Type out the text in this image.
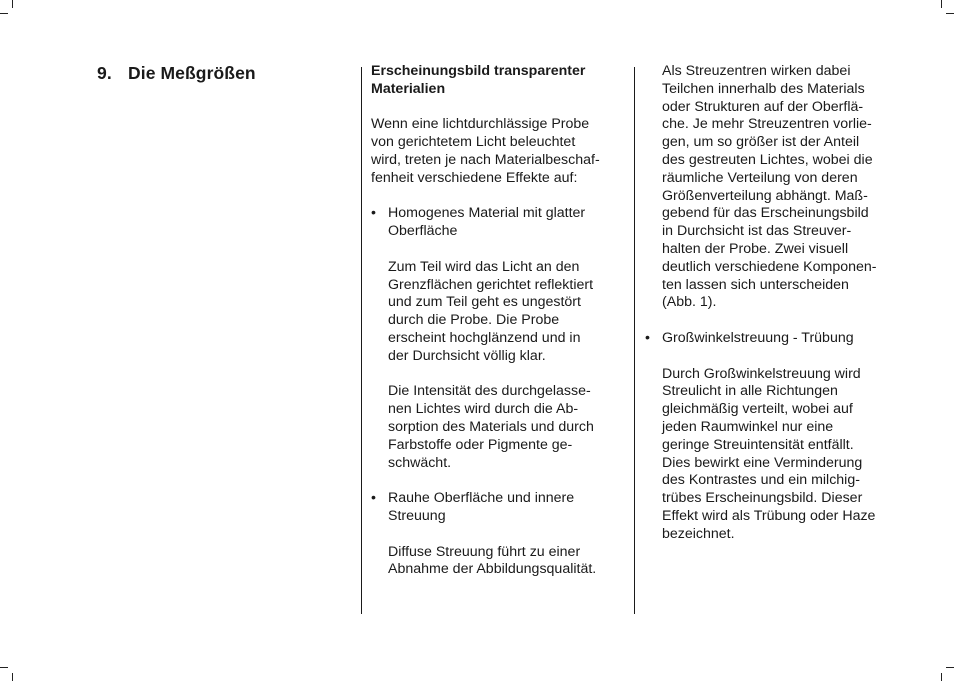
9. Die Meßgrößen	Erscheinungsbild transparenter

Materialien

Wenn eine lichtdurchlässige Probe

von gerichtetem Licht beleuchtet

wird, treten je nach Materialbeschaf-

fenheit verschiedene Effekte auf:

• Homogenes Material mit glatter

Oberfläche

Zum Teil wird das Licht an den

Grenzflächen gerichtet reflektiert

und zum Teil geht es ungestört

durch die Probe. Die Probe

erscheint hochglänzend und in

der Durchsicht völlig klar.

Die Intensität des durchgelasse-

nen Lichtes wird durch die Ab-

sorption des Materials und durch

Farbstoffe oder Pigmente ge-

schwächt.

• Rauhe Oberfläche und innere

Streuung

Diffuse Streuung führt zu einer

Abnahme der Abbildungsqualität.

Als Streuzentren wirken dabei

Teilchen innerhalb des Materials

oder Strukturen auf der Oberflä-

che. Je mehr Streuzentren vorlie-

gen, um so größer ist der Anteil

des gestreuten Lichtes, wobei die

räumliche Verteilung von deren

Größenverteilung abhängt. Maß-

gebend für das Erscheinungsbild

in Durchsicht ist das Streuver-

halten der Probe. Zwei visuell

deutlich verschiedene Komponen-

ten lassen sich unterscheiden

(Abb. 1).

• Großwinkelstreuung - Trübung

Durch Großwinkelstreuung wird

Streulicht in alle Richtungen

gleichmäßig verteilt, wobei auf

jeden Raumwinkel nur eine

geringe Streuintensität entfällt.

Dies bewirkt eine Verminderung

des Kontrastes und ein milchig-

trübes Erscheinungsbild. Dieser

Effekt wird als Trübung oder Haze

bezeichnet.
